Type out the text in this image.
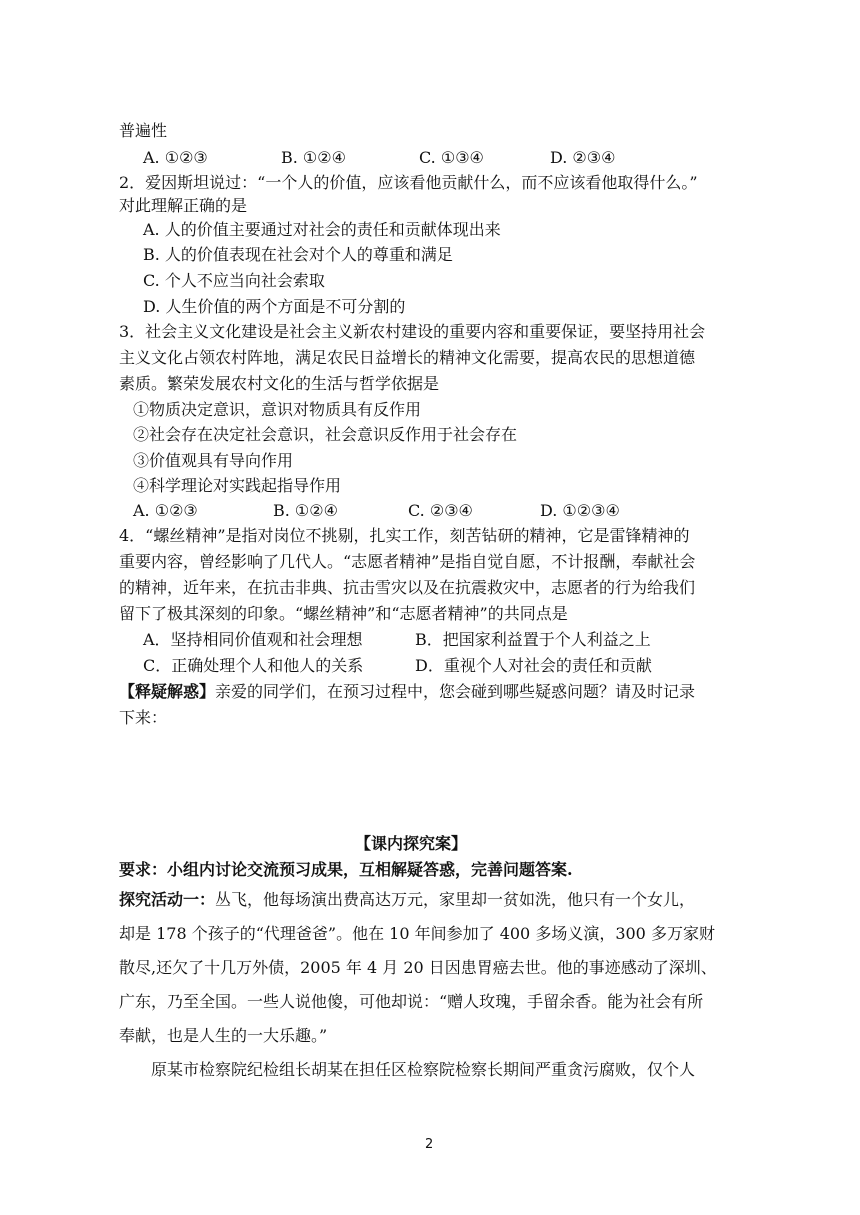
普遍性
A. ①②③	B. ①②④	C. ①③④	D. ②③④
2．爱因斯坦说过：“一个人的价值，应该看他贡献什么，而不应该看他取得什么。”
对此理解正确的是
A. 人的价值主要通过对社会的责任和贡献体现出来
B. 人的价值表现在社会对个人的尊重和满足
C. 个人不应当向社会索取
D. 人生价值的两个方面是不可分割的
3．社会主义文化建设是社会主义新农村建设的重要内容和重要保证，要坚持用社会
主义文化占领农村阵地，满足农民日益增长的精神文化需要，提高农民的思想道德
素质。繁荣发展农村文化的生活与哲学依据是
①物质决定意识，意识对物质具有反作用
②社会存在决定社会意识，社会意识反作用于社会存在
③价值观具有导向作用
④科学理论对实践起指导作用
A. ①②③	B. ①②④	C. ②③④	D. ①②③④
4．“螺丝精神”是指对岗位不挑剔，扎实工作，刻苦钻研的精神，它是雷锋精神的
重要内容，曾经影响了几代人。“志愿者精神”是指自觉自愿，不计报酬，奉献社会
的精神，近年来，在抗击非典、抗击雪灾以及在抗震救灾中，志愿者的行为给我们
留下了极其深刻的印象。“螺丝精神”和“志愿者精神”的共同点是
A．坚持相同价值观和社会理想	B．把国家利益置于个人利益之上
C．正确处理个人和他人的关系	D．重视个人对社会的责任和贡献
【释疑解惑】亲爱的同学们，在预习过程中，您会碰到哪些疑惑问题？请及时记录
下来：
【课内探究案】
要求：小组内讨论交流预习成果，互相解疑答惑，完善问题答案.
探究活动一：丛飞，他每场演出费高达万元，家里却一贫如洗，他只有一个女儿，
却是 178 个孩子的“代理爸爸”。他在 10 年间参加了 400 多场义演，300 多万家财
散尽,还欠了十几万外债，2005 年 4 月 20 日因患胃癌去世。他的事迹感动了深圳、
广东，乃至全国。一些人说他傻，可他却说：“赠人玫瑰，手留余香。能为社会有所
奉献，也是人生的一大乐趣。”
原某市检察院纪检组长胡某在担任区检察院检察长期间严重贪污腐败，仅个人
2
